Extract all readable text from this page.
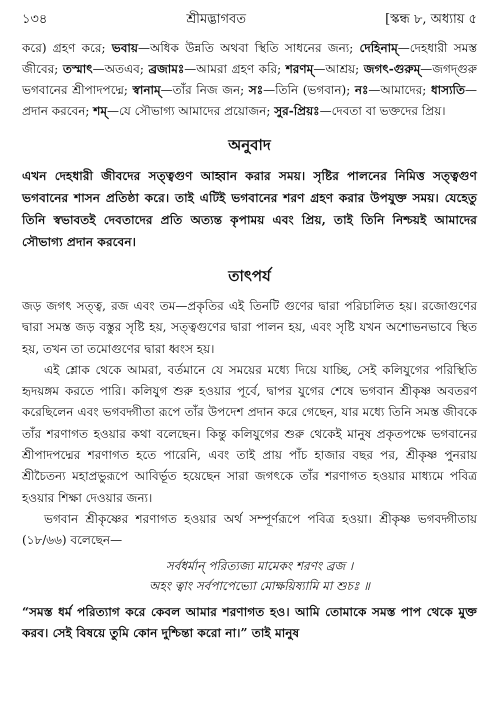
১৩৪	শ্রীমদ্ভাগবত	[স্কন্ধ ৮, অধ্যায় ৫
করে) গ্রহণ করে; ভবায়—অধিক উন্নতি অথবা স্থিতি সাধনের জন্য; দেহিনাম্—দেহধারী সমস্ত জীবের; তস্মাৎ—অতএব; ব্রজামঃ—আমরা গ্রহণ করি; শরণম্—আশ্রয়; জগৎ-গুরুম্—জগদ্গুরু ভগবানের শ্রীপাদপদ্মে; স্বানাম্—তাঁর নিজ জন; সঃ—তিনি (ভগবান); নঃ—আমাদের; ধাস্যতি—প্রদান করবেন; শম্—যে সৌভাগ্য আমাদের প্রয়োজন; সুর-প্রিয়ঃ—দেবতা বা ভক্তদের প্রিয়।
অনুবাদ
এখন দেহধারী জীবদের সত্ত্বগুণ আহ্বান করার সময়। সৃষ্টির পালনের নিমিত্ত সত্ত্বগুণ ভগবানের শাসন প্রতিষ্ঠা করে। তাই এটিই ভগবানের শরণ গ্রহণ করার উপযুক্ত সময়। যেহেতু তিনি স্বভাবতই দেবতাদের প্রতি অত্যন্ত কৃপাময় এবং প্রিয়, তাই তিনি নিশ্চয়ই আমাদের সৌভাগ্য প্রদান করবেন।
তাৎপর্য

জড় জগৎ সত্ত্ব, রজ এবং তম—প্রকৃতির এই তিনটি গুণের দ্বারা পরিচালিত হয়। রজোগুণের দ্বারা সমস্ত জড় বস্তুর সৃষ্টি হয়, সত্ত্বগুণের দ্বারা পালন হয়, এবং সৃষ্টি যখন অশোভনভাবে স্থিত হয়, তখন তা তমোগুণের দ্বারা ধ্বংস হয়।

এই শ্লোক থেকে আমরা, বর্তমানে যে সময়ের মধ্যে দিয়ে যাচ্ছি, সেই কলিযুগের পরিস্থিতি হৃদয়ঙ্গম করতে পারি। কলিযুগ শুরু হওয়ার পূর্বে, দ্বাপর যুগের শেষে ভগবান শ্রীকৃষ্ণ অবতরণ করেছিলেন এবং ভগবদ্গীতা রূপে তাঁর উপদেশ প্রদান করে গেছেন, যার মধ্যে তিনি সমস্ত জীবকে তাঁর শরণাগত হওয়ার কথা বলেছেন। কিন্তু কলিযুগের শুরু থেকেই মানুষ প্রকৃতপক্ষে ভগবানের শ্রীপাদপদ্মের শরণাগত হতে পারেনি, এবং তাই প্রায় পাঁচ হাজার বছর পর, শ্রীকৃষ্ণ পুনরায় শ্রীচৈতন্য মহাপ্রভুরূপে আবির্ভূত হয়েছেন সারা জগৎকে তাঁর শরণাগত হওয়ার মাধ্যমে পবিত্র হওয়ার শিক্ষা দেওয়ার জন্য।

ভগবান শ্রীকৃষ্ণের শরণাগত হওয়ার অর্থ সম্পূর্ণরূপে পবিত্র হওয়া। শ্রীকৃষ্ণ ভগবদ্গীতায় (১৮/৬৬) বলেছেন—

সর্বধর্মান্ পরিত্যজ্য মামেকং শরণং ব্রজ ।
অহং ত্বাং সর্বপাপেভ্যো মোক্ষয়িষ্যামি মা শুচঃ ॥
“সমস্ত ধর্ম পরিত্যাগ করে কেবল আমার শরণাগত হও। আমি তোমাকে সমস্ত পাপ থেকে মুক্ত করব। সেই বিষয়ে তুমি কোন দুশ্চিন্তা করো না।” তাই মানুষ
